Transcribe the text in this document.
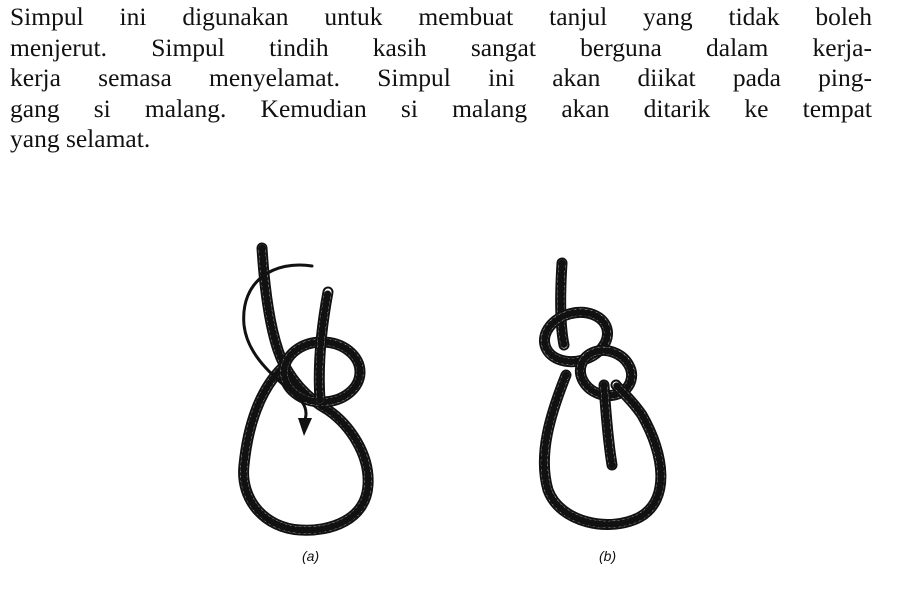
Simpul ini digunakan untuk membuat tanjul yang tidak boleh
menjerut. Simpul tindih kasih sangat berguna dalam kerja-
kerja semasa menyelamat. Simpul ini akan diikat pada ping-
gang si malang. Kemudian si malang akan ditarik ke tempat
yang selamat.
(a)	(b)
